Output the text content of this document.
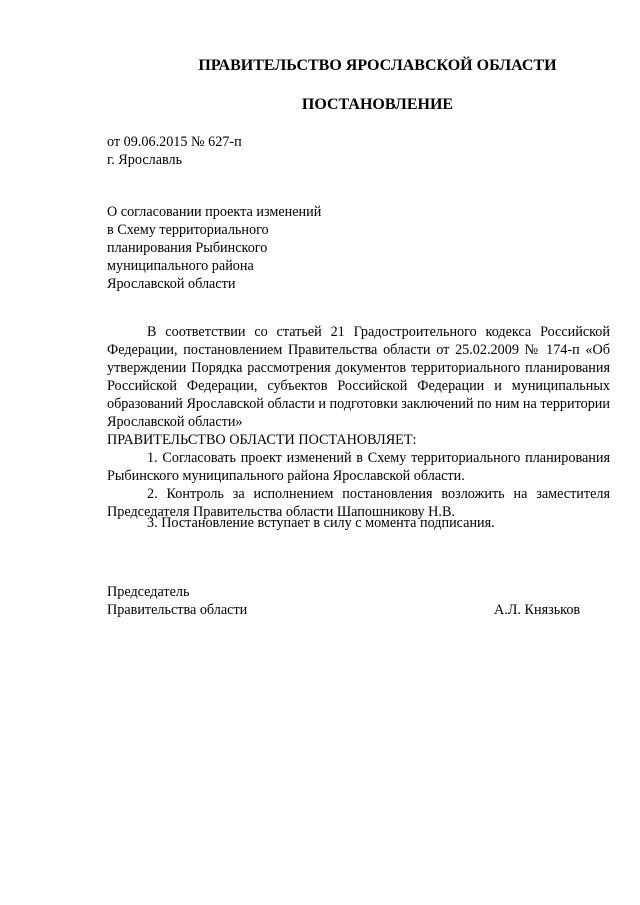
ПРАВИТЕЛЬСТВО ЯРОСЛАВСКОЙ ОБЛАСТИ
ПОСТАНОВЛЕНИЕ
от 09.06.2015 № 627-п
г. Ярославль
О согласовании проекта изменений
в Схему территориального
планирования Рыбинского
муниципального района
Ярославской области
В соответствии со статьей 21 Градостроительного кодекса Российской Федерации, постановлением Правительства области от 25.02.2009 № 174-п «Об утверждении Порядка рассмотрения документов территориального планирования Российской Федерации, субъектов Российской Федерации и муниципальных образований Ярославской области и подготовки заключений по ним на территории Ярославской области»
ПРАВИТЕЛЬСТВО ОБЛАСТИ ПОСТАНОВЛЯЕТ:
1. Согласовать проект изменений в Схему территориального планирования Рыбинского муниципального района Ярославской области.
2. Контроль за исполнением постановления возложить на заместителя Председателя Правительства области Шапошникову Н.В.
3. Постановление вступает в силу с момента подписания.
Председатель
Правительства области	А.Л. Князьков
